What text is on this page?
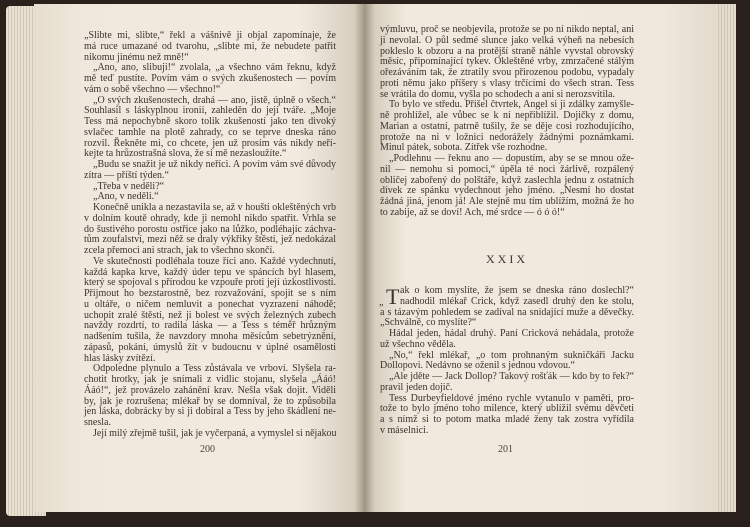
„Slibte mi, slibte,“ řekl a vášnivě ji objal zapomínaje, že
má ruce umazané od tvarohu, „slibte mi, že nebudete patřit
nikomu jinému než mně!“
„Ano, ano, slibuji!“ zvolala, „a všechno vám řeknu, když
mě teď pustíte. Povím vám o svých zkušenostech — povím
vám o sobě všechno — všechno!“
„O svých zkušenostech, drahá — ano, jistě, úplně o všech.“
Souhlasil s láskyplnou ironií, zahleděn do její tváře. „Moje
Tess má nepochybně skoro tolik zkušeností jako ten divoký
svlačec tamhle na plotě zahrady, co se teprve dneska ráno
rozvil. Řekněte mi, co chcete, jen už prosím vás nikdy neří-
kejte ta hrůzostrašná slova, že si mě nezasloužíte.“
„Budu se snažit je už nikdy neříci. A povím vám své důvody
zítra — příští týden.“
„Třeba v neděli?“
„Ano, v neděli.“
Konečně unikla a nezastavila se, až v houští okleštěných vrb
v dolním koutě ohrady, kde ji nemohl nikdo spatřit. Vrhla se
do šustivého porostu ostřice jako na lůžko, podléhajíc záchva-
tům zoufalství, mezi něž se draly výkřiky štěstí, jež nedokázal
zcela přemoci ani strach, jak to všechno skončí.
Ve skutečnosti podléhala touze říci ano. Každé vydechnutí,
každá kapka krve, každý úder tepu ve spáncích byl hlasem,
který se spojoval s přírodou ke vzpouře proti její úzkostlivosti.
Přijmout ho bezstarostně, bez rozvažování, spojit se s ním
u oltáře, o ničem nemluvit a ponechat vyzrazení náhodě;
uchopit zralé štěstí, než ji bolest ve svých železných zubech
navždy rozdrtí, to radila láska — a Tess s téměř hrůzným
nadšením tušila, že navzdory mnoha měsícům sebetrýznění,
zápasů, pokání, úmyslů žít v budoucnu v úplné osamělosti
hlas lásky zvítězí.
Odpoledne plynulo a Tess zůstávala ve vrboví. Slyšela ra-
chotit hrotky, jak je snímali z vidlic stojanu, slyšela „Ááó!
Ááó!“, jež provázelo zahánění krav. Nešla však dojit. Viděli
by, jak je rozrušena; mlékař by se domníval, že to způsobila
jen láska, dobrácky by si ji dobíral a Tess by jeho škádlení ne-
snesla.
Její milý zřejmě tušil, jak je vyčerpaná, a vymyslel si nějakou
200
výmluvu, proč se neobjevila, protože se po ní nikdo neptal, ani
ji nevolal. O půl sedmé slunce jako velká výheň na nebesích
pokleslo k obzoru a na protější straně náhle vyvstal obrovský
měsíc, připomínající tykev. Okleštěné vrby, zmrzačené stálým
ořezáváním tak, že ztratily svou přirozenou podobu, vypadaly
proti němu jako příšery s vlasy trčícími do všech stran. Tess
se vrátila do domu, vyšla po schodech a ani si nerozsvítila.
To bylo ve středu. Přišel čtvrtek, Angel si ji zdálky zamyšle-
ně prohlížel, ale vůbec se k ní nepřiblížil. Dojičky z domu,
Marian a ostatní, patrně tušily, že se děje cosi rozhodujícího,
protože na ni v ložnici nedorážely žádnými poznámkami.
Minul pátek, sobota. Zítřek vše rozhodne.
„Podlehnu — řeknu ano — dopustím, aby se se mnou ože-
nil — nemohu si pomoci,“ úpěla té noci žárlivě, rozpálený
obličej zabořený do polštáře, když zaslechla jednu z ostatních
dívek ze spánku vydechnout jeho jméno. „Nesmí ho dostat
žádná jiná, jenom já! Ale stejně mu tím ublížím, možná že ho
to zabije, až se doví! Ach, mé srdce — ó ó ó!“
XXIX
T
„
ak o kom myslíte, že jsem se dneska ráno doslechl?“
nadhodil mlékař Crick, když zasedl druhý den ke stolu,
a s tázavým pohledem se zadíval na snídající muže a děvečky.
„Schválně, co myslíte?“
Hádal jeden, hádal druhý. Paní Cricková nehádala, protože
už všechno věděla.
„No,“ řekl mlékař, „o tom prohnaným sukničkáři Jacku
Dollopovi. Nedávno se oženil s jednou vdovou.“
„Ale jděte — Jack Dollop? Takový rošťák — kdo by to řek?“
pravil jeden dojič.
Tess Durbeyfieldové jméno rychle vytanulo v paměti, pro-
tože to bylo jméno toho milence, který ublížil svému děvčeti
a s nímž si to potom matka mladé ženy tak zostra vyřídila
v máselnici.
201
